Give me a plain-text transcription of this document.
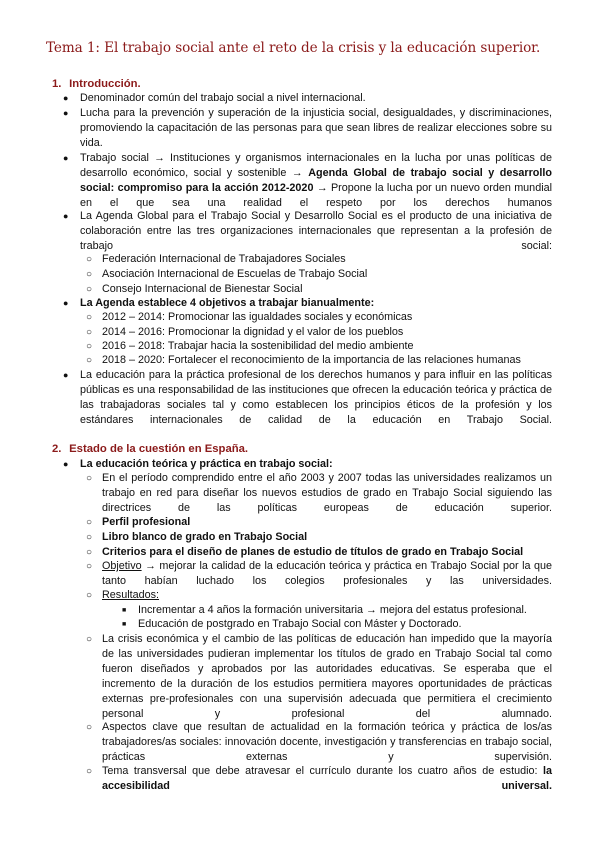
Tema 1: El trabajo social ante el reto de la crisis y la educación superior.
1. Introducción.
● Denominador común del trabajo social a nivel internacional.
● Lucha para la prevención y superación de la injusticia social, desigualdades, y discriminaciones, promoviendo la capacitación de las personas para que sean libres de realizar elecciones sobre su vida.
● Trabajo social → Instituciones y organismos internacionales en la lucha por unas políticas de desarrollo económico, social y sostenible → Agenda Global de trabajo social y desarrollo social: compromiso para la acción 2012-2020 → Propone la lucha por un nuevo orden mundial en el que sea una realidad el respeto por los derechos humanos
● La Agenda Global para el Trabajo Social y Desarrollo Social es el producto de una iniciativa de colaboración entre las tres organizaciones internacionales que representan a la profesión de trabajo social:
○ Federación Internacional de Trabajadores Sociales
○ Asociación Internacional de Escuelas de Trabajo Social
○ Consejo Internacional de Bienestar Social
● La Agenda establece 4 objetivos a trabajar bianualmente:
○ 2012 – 2014: Promocionar las igualdades sociales y económicas
○ 2014 – 2016: Promocionar la dignidad y el valor de los pueblos
○ 2016 – 2018: Trabajar hacia la sostenibilidad del medio ambiente
○ 2018 – 2020: Fortalecer el reconocimiento de la importancia de las relaciones humanas
● La educación para la práctica profesional de los derechos humanos y para influir en las políticas públicas es una responsabilidad de las instituciones que ofrecen la educación teórica y práctica de las trabajadoras sociales tal y como establecen los principios éticos de la profesión y los estándares internacionales de calidad de la educación en Trabajo Social.
2. Estado de la cuestión en España.
● La educación teórica y práctica en trabajo social:
○ En el período comprendido entre el año 2003 y 2007 todas las universidades realizamos un trabajo en red para diseñar los nuevos estudios de grado en Trabajo Social siguiendo las directrices de las políticas europeas de educación superior.
○ Perfil profesional
○ Libro blanco de grado en Trabajo Social
○ Criterios para el diseño de planes de estudio de títulos de grado en Trabajo Social
○ Objetivo → mejorar la calidad de la educación teórica y práctica en Trabajo Social por la que tanto habían luchado los colegios profesionales y las universidades.
○ Resultados:
■ Incrementar a 4 años la formación universitaria → mejora del estatus profesional.
■ Educación de postgrado en Trabajo Social con Máster y Doctorado.
○ La crisis económica y el cambio de las políticas de educación han impedido que la mayoría de las universidades pudieran implementar los títulos de grado en Trabajo Social tal como fueron diseñados y aprobados por las autoridades educativas. Se esperaba que el incremento de la duración de los estudios permitiera mayores oportunidades de prácticas externas pre-profesionales con una supervisión adecuada que permitiera el crecimiento personal y profesional del alumnado.
○ Aspectos clave que resultan de actualidad en la formación teórica y práctica de los/as trabajadores/as sociales: innovación docente, investigación y transferencias en trabajo social, prácticas externas y supervisión.
○ Tema transversal que debe atravesar el currículo durante los cuatro años de estudio: la accesibilidad universal.
